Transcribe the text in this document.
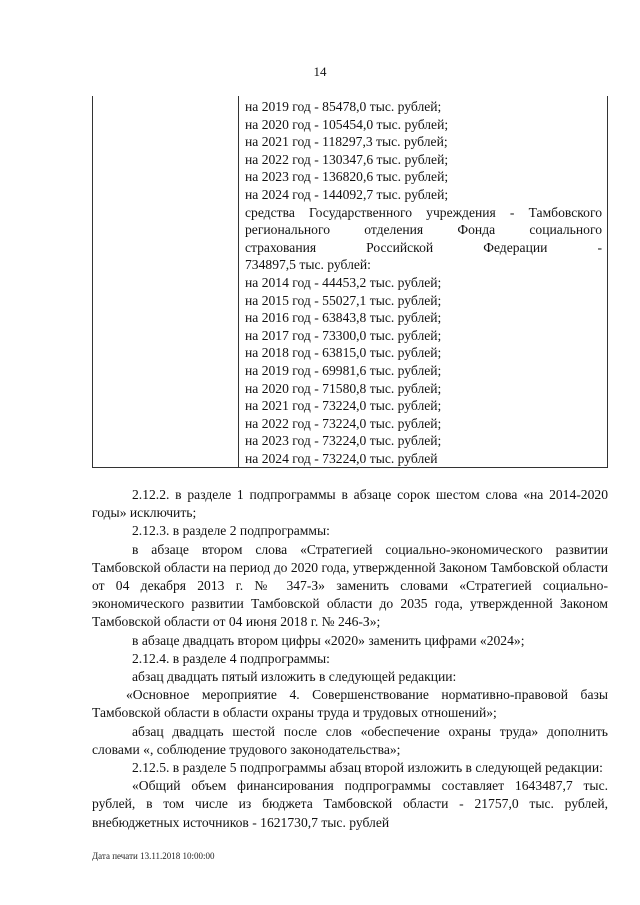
14
на 2019 год - 85478,0 тыс. рублей;
на 2020 год - 105454,0 тыс. рублей;
на 2021 год - 118297,3 тыс. рублей;
на 2022 год - 130347,6 тыс. рублей;
на 2023 год - 136820,6 тыс. рублей;
на 2024 год - 144092,7 тыс. рублей;
средства Государственного учреждения - Тамбовского
регионального отделения Фонда социального
страхования Российской Федерации -
734897,5 тыс. рублей:
на 2014 год - 44453,2 тыс. рублей;
на 2015 год - 55027,1 тыс. рублей;
на 2016 год - 63843,8 тыс. рублей;
на 2017 год - 73300,0 тыс. рублей;
на 2018 год - 63815,0 тыс. рублей;
на 2019 год - 69981,6 тыс. рублей;
на 2020 год - 71580,8 тыс. рублей;
на 2021 год - 73224,0 тыс. рублей;
на 2022 год - 73224,0 тыс. рублей;
на 2023 год - 73224,0 тыс. рублей;
на 2024 год - 73224,0 тыс. рублей

2.12.2. в разделе 1 подпрограммы в абзаце сорок шестом слова «на 2014-2020 годы» исключить;

2.12.3. в разделе 2 подпрограммы:

в абзаце втором слова «Стратегией социально-экономического развитии Тамбовской области на период до 2020 года, утвержденной Законом Тамбовской области от 04 декабря 2013 г. № 347-З» заменить словами «Стратегией социально-экономического развитии Тамбовской области до 2035 года, утвержденной Законом Тамбовской области от 04 июня 2018 г. № 246-З»;

в абзаце двадцать втором цифры «2020» заменить цифрами «2024»;

2.12.4. в разделе 4 подпрограммы:

абзац двадцать пятый изложить в следующей редакции:

«Основное мероприятие 4. Совершенствование нормативно-правовой базы Тамбовской области в области охраны труда и трудовых отношений»;

абзац двадцать шестой после слов «обеспечение охраны труда» дополнить словами «, соблюдение трудового законодательства»;

2.12.5. в разделе 5 подпрограммы абзац второй изложить в следующей редакции:

«Общий объем финансирования подпрограммы составляет 1643487,7 тыс. рублей, в том числе из бюджета Тамбовской области - 21757,0 тыс. рублей, внебюджетных источников - 1621730,7 тыс. рублей

Дата печати 13.11.2018 10:00:00
